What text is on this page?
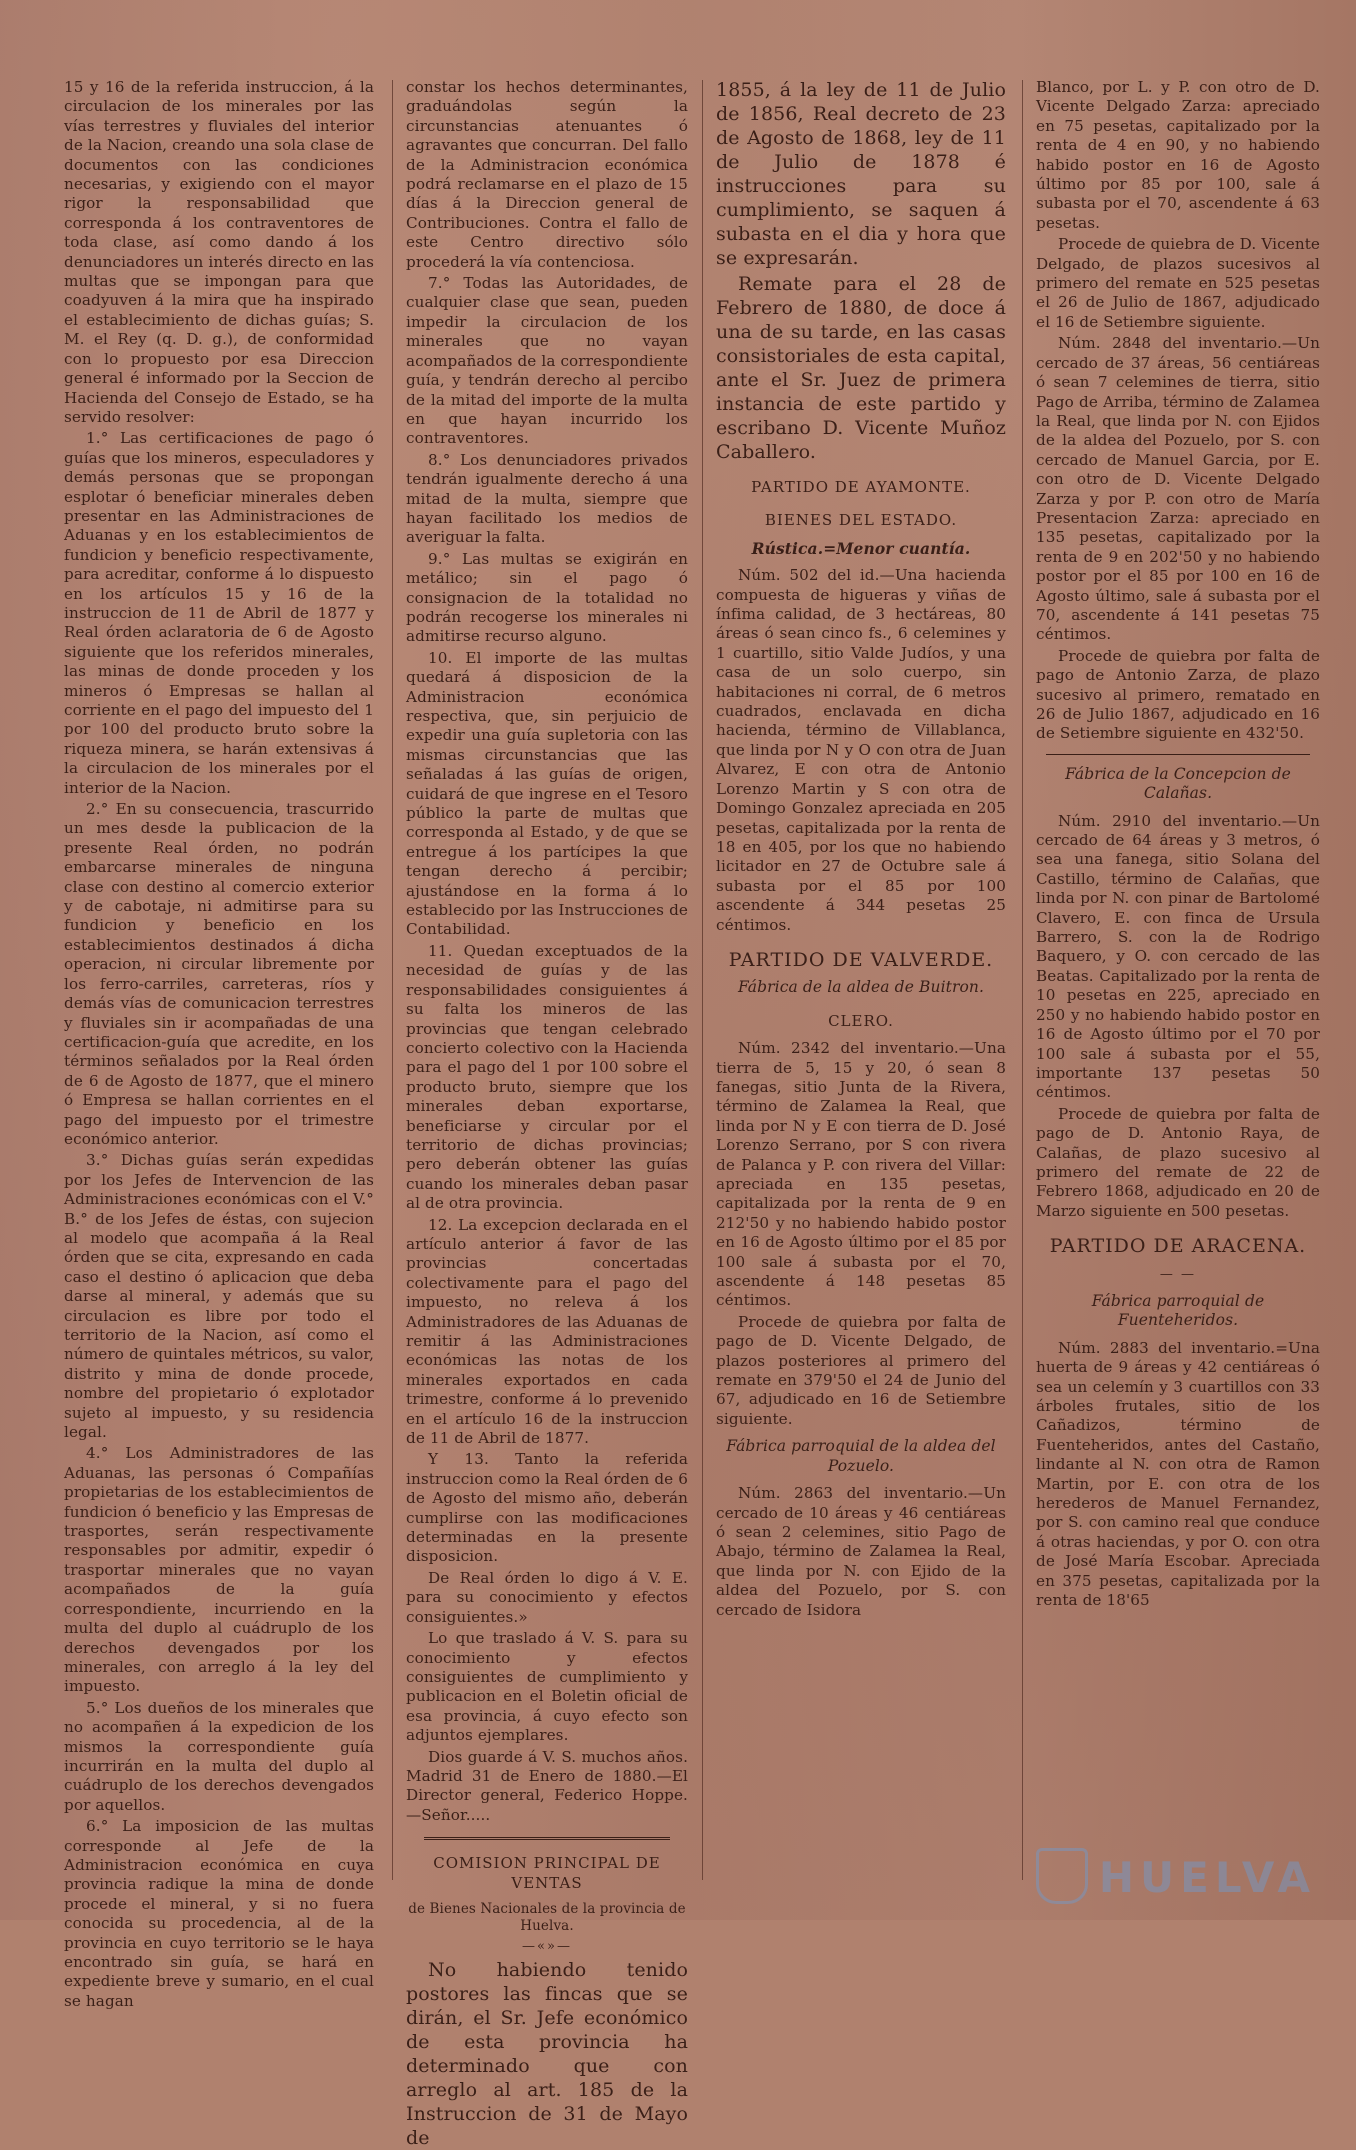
15 y 16 de la referida instruccion, á la circulacion de los minerales por las vías terrestres y fluviales del interior de la Nacion, creando una sola clase de documentos con las condiciones necesarias, y exigiendo con el mayor rigor la responsabilidad que corresponda á los contraventores de toda clase, así como dando á los denunciadores un interés directo en las multas que se impongan para que coadyuven á la mira que ha inspirado el establecimiento de dichas guías; S. M. el Rey (q. D. g.), de conformidad con lo propuesto por esa Direccion general é informado por la Seccion de Hacienda del Consejo de Estado, se ha servido resolver:

1.° Las certificaciones de pago ó guías que los mineros, especuladores y demás personas que se propongan esplotar ó beneficiar minerales deben presentar en las Administraciones de Aduanas y en los establecimientos de fundicion y beneficio respectivamente, para acreditar, conforme á lo dispuesto en los artículos 15 y 16 de la instruccion de 11 de Abril de 1877 y Real órden aclaratoria de 6 de Agosto siguiente que los referidos minerales, las minas de donde proceden y los mineros ó Empresas se hallan al corriente en el pago del impuesto del 1 por 100 del producto bruto sobre la riqueza minera, se harán extensivas á la circulacion de los minerales por el interior de la Nacion.

2.° En su consecuencia, trascurrido un mes desde la publicacion de la presente Real órden, no podrán embarcarse minerales de ninguna clase con destino al comercio exterior y de cabotaje, ni admitirse para su fundicion y beneficio en los establecimientos destinados á dicha operacion, ni circular libremente por los ferro-carriles, carreteras, ríos y demás vías de comunicacion terrestres y fluviales sin ir acompañadas de una certificacion-guía que acredite, en los términos señalados por la Real órden de 6 de Agosto de 1877, que el minero ó Empresa se hallan corrientes en el pago del impuesto por el trimestre económico anterior.

3.° Dichas guías serán expedidas por los Jefes de Intervencion de las Administraciones económicas con el V.° B.° de los Jefes de éstas, con sujecion al modelo que acompaña á la Real órden que se cita, expresando en cada caso el destino ó aplicacion que deba darse al mineral, y además que su circulacion es libre por todo el territorio de la Nacion, así como el número de quintales métricos, su valor, distrito y mina de donde procede, nombre del propietario ó explotador sujeto al impuesto, y su residencia legal.

4.° Los Administradores de las Aduanas, las personas ó Compañías propietarias de los establecimientos de fundicion ó beneficio y las Empresas de trasportes, serán respectivamente responsables por admitir, expedir ó trasportar minerales que no vayan acompañados de la guía correspondiente, incurriendo en la multa del duplo al cuádruplo de los derechos devengados por los minerales, con arreglo á la ley del impuesto.

5.° Los dueños de los minerales que no acompañen á la expedicion de los mismos la correspondiente guía incurrirán en la multa del duplo al cuádruplo de los derechos devengados por aquellos.

6.° La imposicion de las multas corresponde al Jefe de la Administracion económica en cuya provincia radique la mina de donde procede el mineral, y si no fuera conocida su procedencia, al de la provincia en cuyo territorio se le haya encontrado sin guía, se hará en expediente breve y sumario, en el cual se hagan

constar los hechos determinantes, graduándolas según la circunstancias atenuantes ó agravantes que concurran. Del fallo de la Administracion económica podrá reclamarse en el plazo de 15 días á la Direccion general de Contribuciones. Contra el fallo de este Centro directivo sólo procederá la vía contenciosa.

7.° Todas las Autoridades, de cualquier clase que sean, pueden impedir la circulacion de los minerales que no vayan acompañados de la correspondiente guía, y tendrán derecho al percibo de la mitad del importe de la multa en que hayan incurrido los contraventores.

8.° Los denunciadores privados tendrán igualmente derecho á una mitad de la multa, siempre que hayan facilitado los medios de averiguar la falta.

9.° Las multas se exigirán en metálico; sin el pago ó consignacion de la totalidad no podrán recogerse los minerales ni admitirse recurso alguno.

10. El importe de las multas quedará á disposicion de la Administracion económica respectiva, que, sin perjuicio de expedir una guía supletoria con las mismas circunstancias que las señaladas á las guías de origen, cuidará de que ingrese en el Tesoro público la parte de multas que corresponda al Estado, y de que se entregue á los partícipes la que tengan derecho á percibir; ajustándose en la forma á lo establecido por las Instrucciones de Contabilidad.

11. Quedan exceptuados de la necesidad de guías y de las responsabilidades consiguientes á su falta los mineros de las provincias que tengan celebrado concierto colectivo con la Hacienda para el pago del 1 por 100 sobre el producto bruto, siempre que los minerales deban exportarse, beneficiarse y circular por el territorio de dichas provincias; pero deberán obtener las guías cuando los minerales deban pasar al de otra provincia.

12. La excepcion declarada en el artículo anterior á favor de las provincias concertadas colectivamente para el pago del impuesto, no releva á los Administradores de las Aduanas de remitir á las Administraciones económicas las notas de los minerales exportados en cada trimestre, conforme á lo prevenido en el artículo 16 de la instruccion de 11 de Abril de 1877.

Y 13. Tanto la referida instruccion como la Real órden de 6 de Agosto del mismo año, deberán cumplirse con las modificaciones determinadas en la presente disposicion.

De Real órden lo digo á V. E. para su conocimiento y efectos consiguientes.»

Lo que traslado á V. S. para su conocimiento y efectos consiguientes de cumplimiento y publicacion en el Boletin oficial de esa provincia, á cuyo efecto son adjuntos ejemplares.

Dios guarde á V. S. muchos años. Madrid 31 de Enero de 1880.—El Director general, Federico Hoppe.—Señor.....

COMISION PRINCIPAL DE VENTAS

de Bienes Nacionales de la provincia de Huelva.

—«»—

No habiendo tenido postores las fincas que se dirán, el Sr. Jefe económico de esta provincia ha determinado que con arreglo al art. 185 de la Instruccion de 31 de Mayo de

1855, á la ley de 11 de Julio de 1856, Real decreto de 23 de Agosto de 1868, ley de 11 de Julio de 1878 é instrucciones para su cumplimiento, se saquen á subasta en el dia y hora que se expresarán.

Remate para el 28 de Febrero de 1880, de doce á una de su tarde, en las casas consistoriales de esta capital, ante el Sr. Juez de primera instancia de este partido y escribano D. Vicente Muñoz Caballero.

PARTIDO DE AYAMONTE.

BIENES DEL ESTADO.

Rústica.=Menor cuantía.

Núm. 502 del id.—Una hacienda compuesta de higueras y viñas de ínfima calidad, de 3 hectáreas, 80 áreas ó sean cinco fs., 6 celemines y 1 cuartillo, sitio Valde Judíos, y una casa de un solo cuerpo, sin habitaciones ni corral, de 6 metros cuadrados, enclavada en dicha hacienda, término de Villablanca, que linda por N y O con otra de Juan Alvarez, E con otra de Antonio Lorenzo Martin y S con otra de Domingo Gonzalez apreciada en 205 pesetas, capitalizada por la renta de 18 en 405, por los que no habiendo licitador en 27 de Octubre sale á subasta por el 85 por 100 ascendente á 344 pesetas 25 céntimos.

PARTIDO DE VALVERDE.

Fábrica de la aldea de Buitron.

CLERO.

Núm. 2342 del inventario.—Una tierra de 5, 15 y 20, ó sean 8 fanegas, sitio Junta de la Rivera, término de Zalamea la Real, que linda por N y E con tierra de D. José Lorenzo Serrano, por S con rivera de Palanca y P. con rivera del Villar: apreciada en 135 pesetas, capitalizada por la renta de 9 en 212'50 y no habiendo habido postor en 16 de Agosto último por el 85 por 100 sale á subasta por el 70, ascendente á 148 pesetas 85 céntimos.

Procede de quiebra por falta de pago de D. Vicente Delgado, de plazos posteriores al primero del remate en 379'50 el 24 de Junio del 67, adjudicado en 16 de Setiembre siguiente.

Fábrica parroquial de la aldea del Pozuelo.

Núm. 2863 del inventario.—Un cercado de 10 áreas y 46 centiáreas ó sean 2 celemines, sitio Pago de Abajo, término de Zalamea la Real, que linda por N. con Ejido de la aldea del Pozuelo, por S. con cercado de Isidora

Blanco, por L. y P. con otro de D. Vicente Delgado Zarza: apreciado en 75 pesetas, capitalizado por la renta de 4 en 90, y no habiendo habido postor en 16 de Agosto último por 85 por 100, sale á subasta por el 70, ascendente á 63 pesetas.

Procede de quiebra de D. Vicente Delgado, de plazos sucesivos al primero del remate en 525 pesetas el 26 de Julio de 1867, adjudicado el 16 de Setiembre siguiente.

Núm. 2848 del inventario.—Un cercado de 37 áreas, 56 centiáreas ó sean 7 celemines de tierra, sitio Pago de Arriba, término de Zalamea la Real, que linda por N. con Ejidos de la aldea del Pozuelo, por S. con cercado de Manuel Garcia, por E. con otro de D. Vicente Delgado Zarza y por P. con otro de María Presentacion Zarza: apreciado en 135 pesetas, capitalizado por la renta de 9 en 202'50 y no habiendo postor por el 85 por 100 en 16 de Agosto último, sale á subasta por el 70, ascendente á 141 pesetas 75 céntimos.

Procede de quiebra por falta de pago de Antonio Zarza, de plazo sucesivo al primero, rematado en 26 de Julio 1867, adjudicado en 16 de Setiembre siguiente en 432'50.

Fábrica de la Concepcion de Calañas.

Núm. 2910 del inventario.—Un cercado de 64 áreas y 3 metros, ó sea una fanega, sitio Solana del Castillo, término de Calañas, que linda por N. con pinar de Bartolomé Clavero, E. con finca de Ursula Barrero, S. con la de Rodrigo Baquero, y O. con cercado de las Beatas. Capitalizado por la renta de 10 pesetas en 225, apreciado en 250 y no habiendo habido postor en 16 de Agosto último por el 70 por 100 sale á subasta por el 55, importante 137 pesetas 50 céntimos.

Procede de quiebra por falta de pago de D. Antonio Raya, de Calañas, de plazo sucesivo al primero del remate de 22 de Febrero 1868, adjudicado en 20 de Marzo siguiente en 500 pesetas.

PARTIDO DE ARACENA.

— —

Fábrica parroquial de Fuenteheridos.

Núm. 2883 del inventario.=Una huerta de 9 áreas y 42 centiáreas ó sea un celemín y 3 cuartillos con 33 árboles frutales, sitio de los Cañadizos, término de Fuenteheridos, antes del Castaño, lindante al N. con otra de Ramon Martin, por E. con otra de los herederos de Manuel Fernandez, por S. con camino real que conduce á otras haciendas, y por O. con otra de José María Escobar. Apreciada en 375 pesetas, capitalizada por la renta de 18'65

HUELVA
